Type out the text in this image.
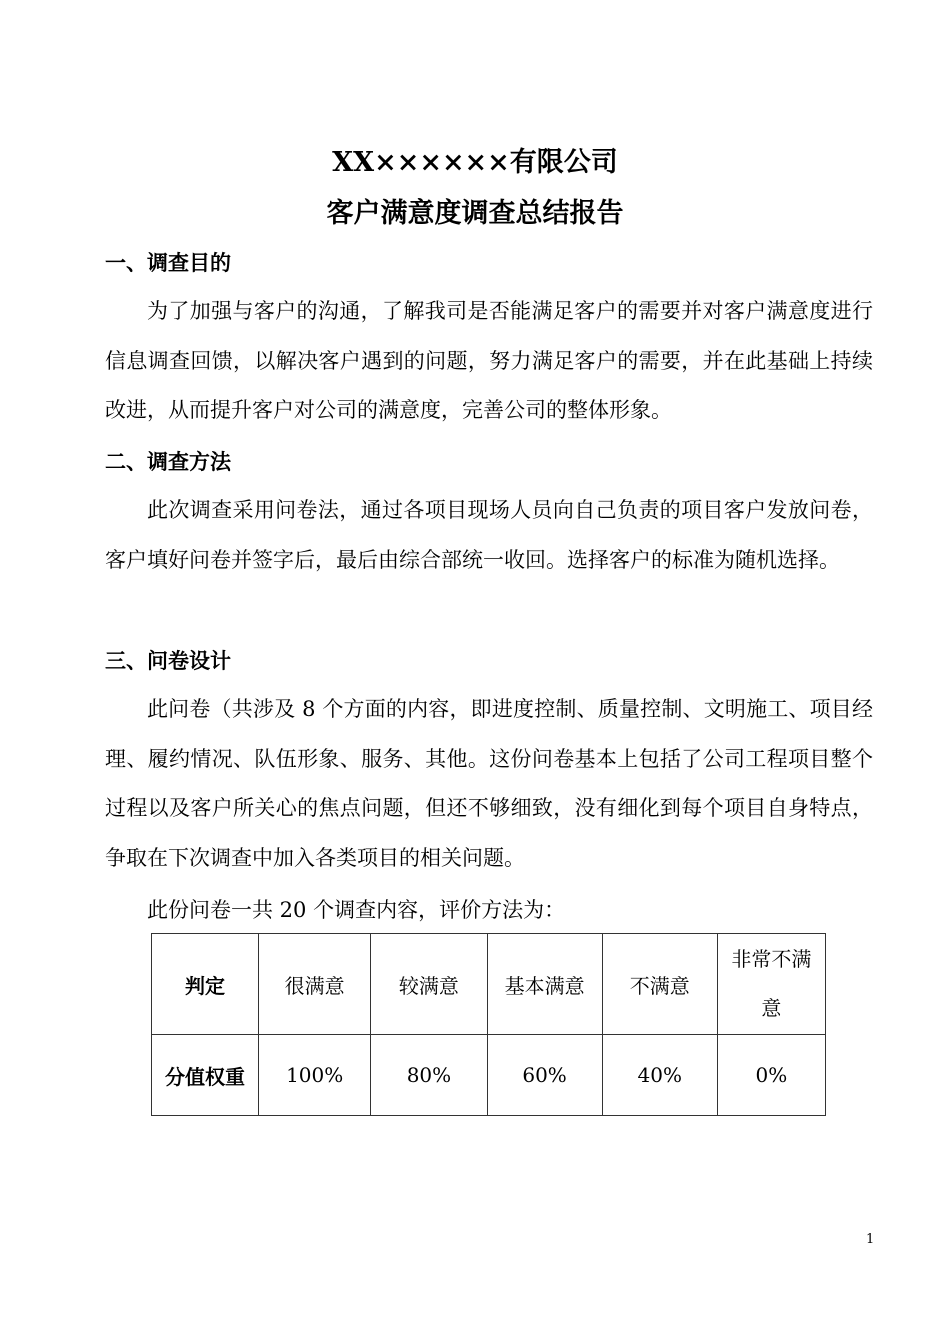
XX××××××有限公司
客户满意度调查总结报告
一、调查目的
为了加强与客户的沟通，了解我司是否能满足客户的需要并对客户满意度进行信息调查回馈，以解决客户遇到的问题，努力满足客户的需要，并在此基础上持续改进，从而提升客户对公司的满意度，完善公司的整体形象。
二、调查方法
此次调查采用问卷法，通过各项目现场人员向自己负责的项目客户发放问卷，客户填好问卷并签字后，最后由综合部统一收回。选择客户的标准为随机选择。
三、问卷设计
此问卷（共涉及 8 个方面的内容，即进度控制、质量控制、文明施工、项目经理、履约情况、队伍形象、服务、其他。这份问卷基本上包括了公司工程项目整个过程以及客户所关心的焦点问题，但还不够细致，没有细化到每个项目自身特点，争取在下次调查中加入各类项目的相关问题。
此份问卷一共 20 个调查内容，评价方法为：
判定	很满意	较满意	基本满意	不满意	非常不满意
分值权重	100%	80%	60%	40%	0%
1
